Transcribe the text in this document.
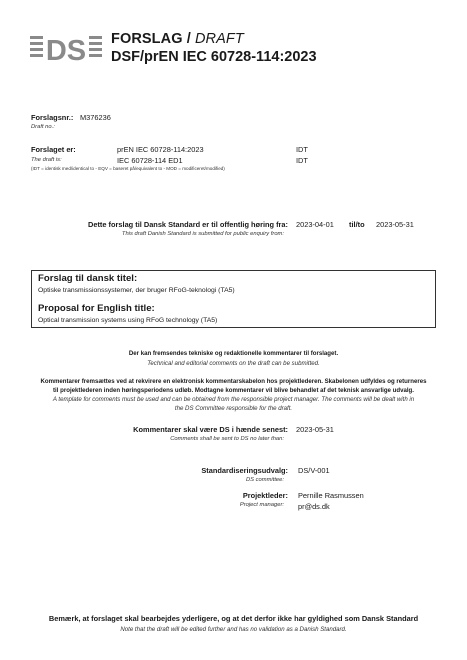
DS FORSLAG / DRAFT
DSF/prEN IEC 60728-114:2023
Forslagsnr.:
Draft no.:
M376236
Forslaget er:
The draft is:
prEN IEC 60728-114:2023	IDT
IEC 60728-114 ED1	IDT
(IDT = identisk med/identical to - EQV = baseret på/equivalent to - MOD = modificeret/modified)
Dette forslag til Dansk Standard er til offentlig høring fra:
This draft Danish Standard is submitted for public enquiry from:
2023-04-01 til/to 2023-05-31
Forslag til dansk titel:
Optiske transmissionssystemer, der bruger RFoG-teknologi (TA5)
Proposal for English title:
Optical transmission systems using RFoG technology (TA5)
Der kan fremsendes tekniske og redaktionelle kommentarer til forslaget.
Technical and editorial comments on the draft can be submitted.
Kommentarer fremsættes ved at rekvirere en elektronisk kommentarskabelon hos projektlederen. Skabelonen udfyldes og returneres
til projektlederen inden høringsperiodens udløb. Modtagne kommentarer vil blive behandlet af det teknisk ansvarlige udvalg.
A template for comments must be used and can be obtained from the responsible project manager. The comments will be dealt with in
the DS Committee responsible for the draft.
Kommentarer skal være DS i hænde senest:
Comments shall be sent to DS no later than:
2023-05-31
Standardiseringsudvalg:
DS committee:
DS/V-001
Projektleder:
Project manager:
Pernille Rasmussen
pr@ds.dk
Bemærk, at forslaget skal bearbejdes yderligere, og at det derfor ikke har gyldighed som Dansk Standard
Note that the draft will be edited further and has no validation as a Danish Standard.
